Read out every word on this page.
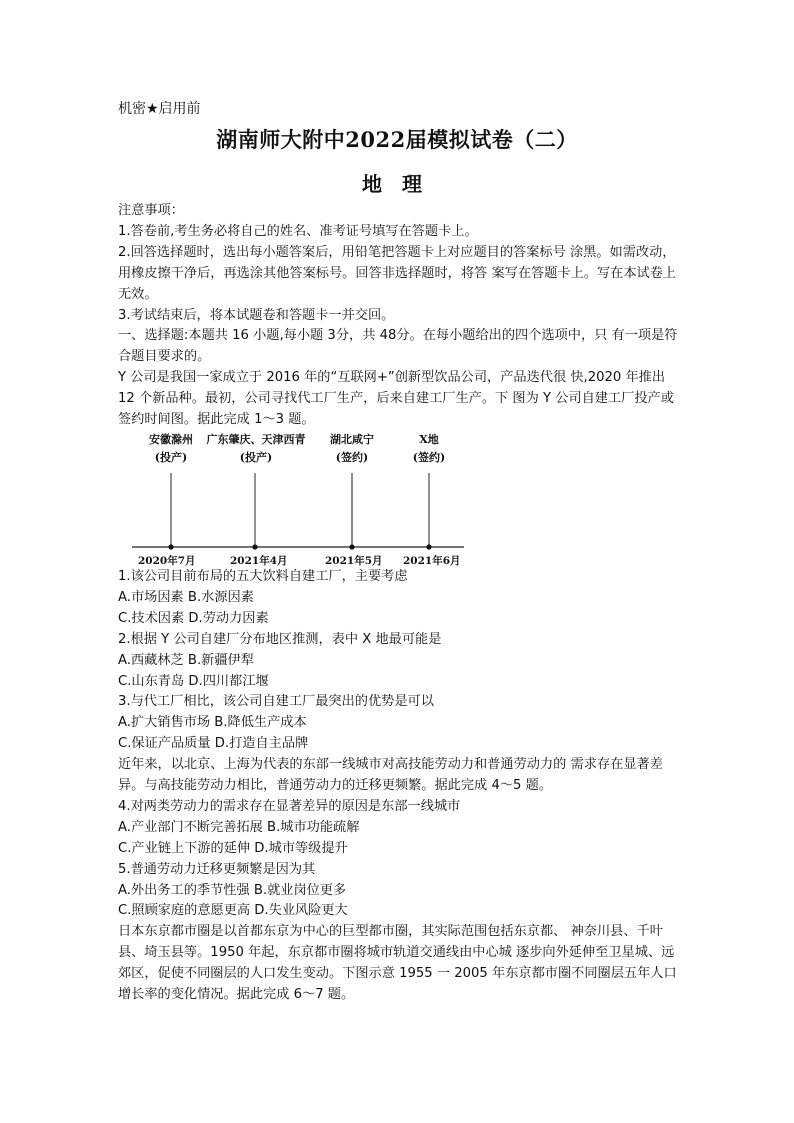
机密★启用前
湖南师大附中2022届模拟试卷（二）
地理

注意事项：

1.答卷前,考生务必将自己的姓名、准考证号填写在答题卡上。

2.回答选择题时，选出每小题答案后，用铅笔把答题卡上对应题目的答案标号 涂黑。如需改动，用橡皮擦干净后，再选涂其他答案标号。回答非选择题时，将答 案写在答题卡上。写在本试卷上无效。

3.考试结束后，将本试题卷和答题卡一并交回。

一、选择题:本题共 16 小题,每小题 3分，共 48分。在每小题给出的四个选项中，只 有一项是符合题目要求的。

Y 公司是我国一家成立于 2016 年的“互联网+”创新型饮品公司，产品迭代很 快,2020 年推出 12 个新品种。最初，公司寻找代工厂生产，后来自建工厂生产。下 图为 Y 公司自建工厂投产或签约时间图。据此完成 1～3 题。

安徽滁州
(投产)
广东肇庆、天津西青
(投产)
湖北咸宁
(签约)
X地
(签约)
2020年7月	2021年4月	2021年5月 2021年6月

1.该公司目前布局的五大饮料自建工厂，主要考虑

A.市场因素 B.水源因素

C.技术因素 D.劳动力因素

2.根据 Y 公司自建厂分布地区推测，表中 X 地最可能是

A.西藏林芝 B.新疆伊犁

C.山东青岛 D.四川都江堰

3.与代工厂相比，该公司自建工厂最突出的优势是可以

A.扩大销售市场 B.降低生产成本

C.保证产品质量 D.打造自主品牌

近年来，以北京、上海为代表的东部一线城市对高技能劳动力和普通劳动力的 需求存在显著差异。与高技能劳动力相比，普通劳动力的迁移更频繁。据此完成 4～5 题。

4.对两类劳动力的需求存在显著差异的原因是东部一线城市

A.产业部门不断完善拓展 B.城市功能疏解

C.产业链上下游的延伸 D.城市等级提升

5.普通劳动力迁移更频繁是因为其

A.外出务工的季节性强 B.就业岗位更多

C.照顾家庭的意愿更高 D.失业风险更大

日本东京都市圈是以首都东京为中心的巨型都市圈，其实际范围包括东京都、 神奈川县、千叶县、埼玉县等。1950 年起，东京都市圈将城市轨道交通线由中心城 逐步向外延伸至卫星城、远郊区，促使不同圈层的人口发生变动。下图示意 1955 一 2005 年东京都市圈不同圈层五年人口增长率的变化情况。据此完成 6～7 题。
